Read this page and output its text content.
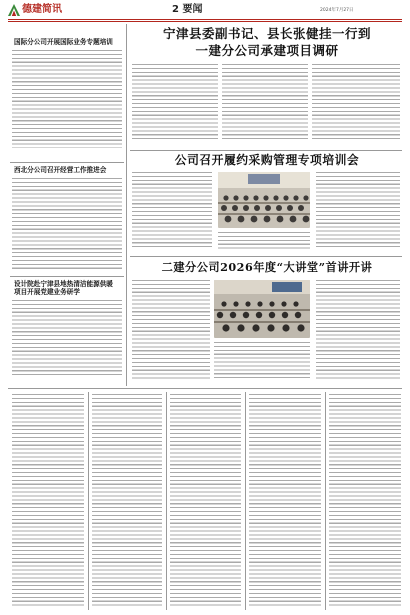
德建简讯	2 要闻	2024年7月27日
国际分公司开展国际业务专题培训
西北分公司召开经营工作推进会
设计院赴宁津县地热清洁能源供暖
项目开展党建业务研学
宁津县委副书记、县长张健挂一行到
一建分公司承建项目调研
公司召开履约采购管理专项培训会
二建分公司2026年度“大讲堂”首讲开讲
